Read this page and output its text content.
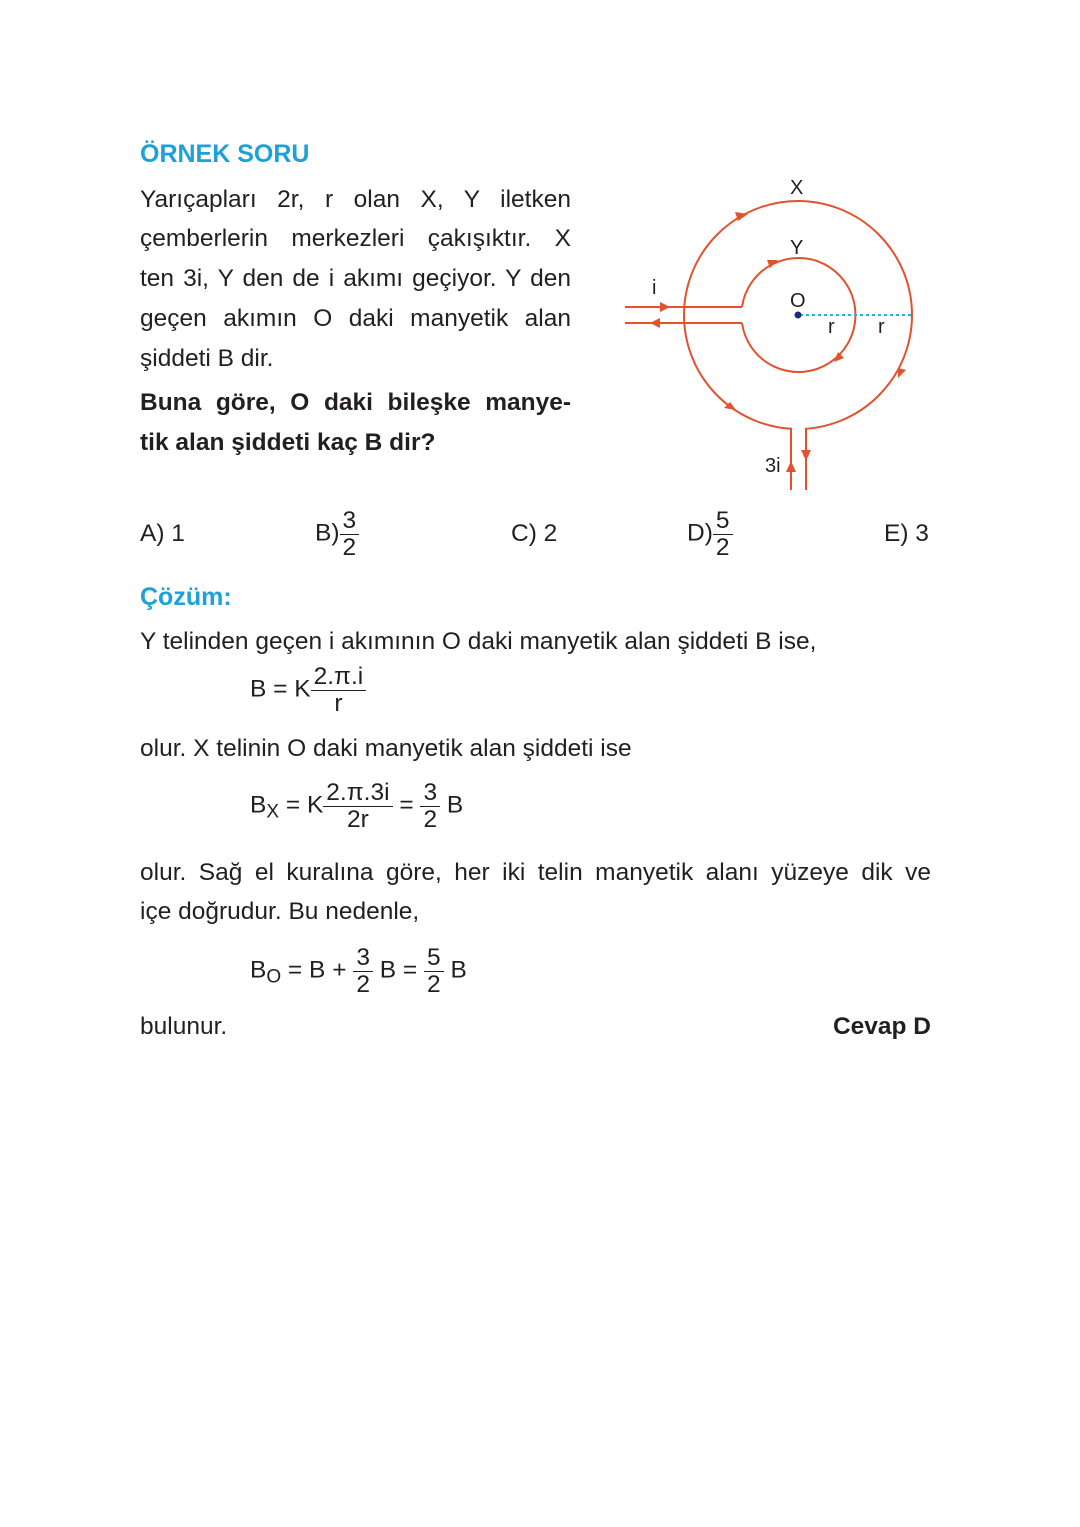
ÖRNEK SORU
Yarıçapları 2r, r olan X, Y iletken
çemberlerin merkezleri çakışıktır. X
ten 3i, Y den de i akımı geçiyor. Y den
geçen akımın O daki manyetik alan
şiddeti B dir.
Buna göre, O daki bileşke manye-
tik alan şiddeti kaç B dir?
X
Y
O
i
r r
3i
A) 1	$B) \frac{3}{2}$	C) 2	$D) \frac{5}{2}$	E) 3
Çözüm:
Y telinden geçen i akımının O daki manyetik alan şiddeti B ise,
B = K $\frac{2.\pi.i}{r}$
olur. X telinin O daki manyetik alan şiddeti ise
$B_X = K \frac{2.\pi.3i}{2r} = \frac{3}{2}$ B
olur. Sağ el kuralına göre, her iki telin manyetik alanı yüzeye dik ve
içe doğrudur. Bu nedenle,
$B_O = B + \frac{3}{2}$ $B = \frac{5}{2}$ B
bulunur.	Cevap D
